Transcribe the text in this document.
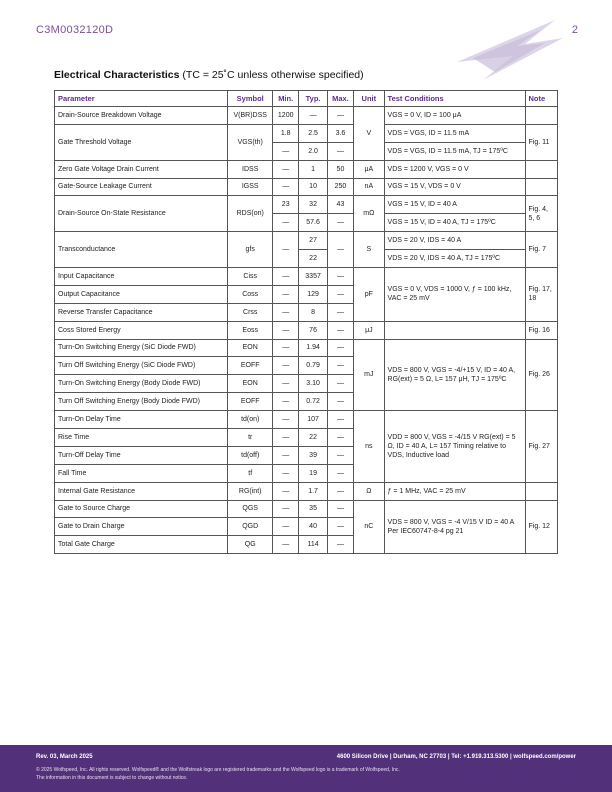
C3M0032120D	2
Electrical Characteristics (TC = 25˚C unless otherwise specified)
Parameter	Symbol	Min.	Typ.	Max.	Unit	Test Conditions	Note
Drain-Source Breakdown Voltage	V(BR)DSS	1200	—	—	V	VGS = 0 V, ID = 100 μA	
Gate Threshold Voltage	VGS(th)	1.8	2.5	3.6		VDS = VGS, ID = 11.5 mA	Fig. 11
		—	2.0	—		VDS = VGS, ID = 11.5 mA, TJ = 175ºC	
Zero Gate Voltage Drain Current	IDSS	—	1	50	μA	VDS = 1200 V, VGS = 0 V	
Gate-Source Leakage Current	IGSS	—	10	250	nA	VGS = 15 V, VDS = 0 V	
Drain-Source On-State Resistance	RDS(on)	23	32	43	mΩ	VGS = 15 V, ID = 40 A	Fig. 4, 5, 6
		—	57.6	—		VGS = 15 V, ID = 40 A, TJ = 175ºC	
Transconductance	gfs	—	27	—	S	VDS = 20 V, IDS = 40 A	Fig. 7
			22			VDS = 20 V, IDS = 40 A, TJ = 175ºC	
Input Capacitance	Ciss	—	3357	—	pF	VGS = 0 V, VDS = 1000 V, ƒ = 100 kHz, VAC = 25 mV	Fig. 17, 18
Output Capacitance	Coss	—	129	—			
Reverse Transfer Capacitance	Crss	—	8	—			
Coss Stored Energy	Eoss	—	76	—	μJ		Fig. 16
Turn-On Switching Energy (SiC Diode FWD)	EON	—	1.94	—	mJ	VDS = 800 V, VGS = -4/+15 V, ID = 40 A, RG(ext) = 5 Ω, L= 157 μH, TJ = 175ºC	Fig. 26
Turn Off Switching Energy (SiC Diode FWD)	EOFF	—	0.79	—			
Turn-On Switching Energy (Body Diode FWD)	EON	—	3.10	—			
Turn Off Switching Energy (Body Diode FWD)	EOFF	—	0.72	—			
Turn-On Delay Time	td(on)	—	107	—	ns	VDD = 800 V, VGS = -4/15 V RG(ext) = 5 Ω, ID = 40 A, L= 157 Timing relative to VDS, Inductive load	Fig. 27
Rise Time	tr	—	22	—			
Turn-Off Delay Time	td(off)	—	39	—			
Fall Time	tf	—	19	—			
Internal Gate Resistance	RG(int)	—	1.7	—	Ω	ƒ = 1 MHz, VAC = 25 mV	
Gate to Source Charge	QGS	—	35	—	nC	VDS = 800 V, VGS = -4 V/15 V ID = 40 A Per IEC60747-8-4 pg 21	Fig. 12
Gate to Drain Charge	QGD	—	40	—			
Total Gate Charge	QG	—	114	—			
Rev. 03, March 2025	4600 Silicon Drive | Durham, NC 27703 | Tel: +1.919.313.5300 | wolfspeed.com/power
© 2025 Wolfspeed, Inc. All rights reserved. Wolfspeed® and the Wolfstreak logo are registered trademarks and the Wolfspeed logo is a trademark of Wolfspeed, Inc.
The information in this document is subject to change without notice.
